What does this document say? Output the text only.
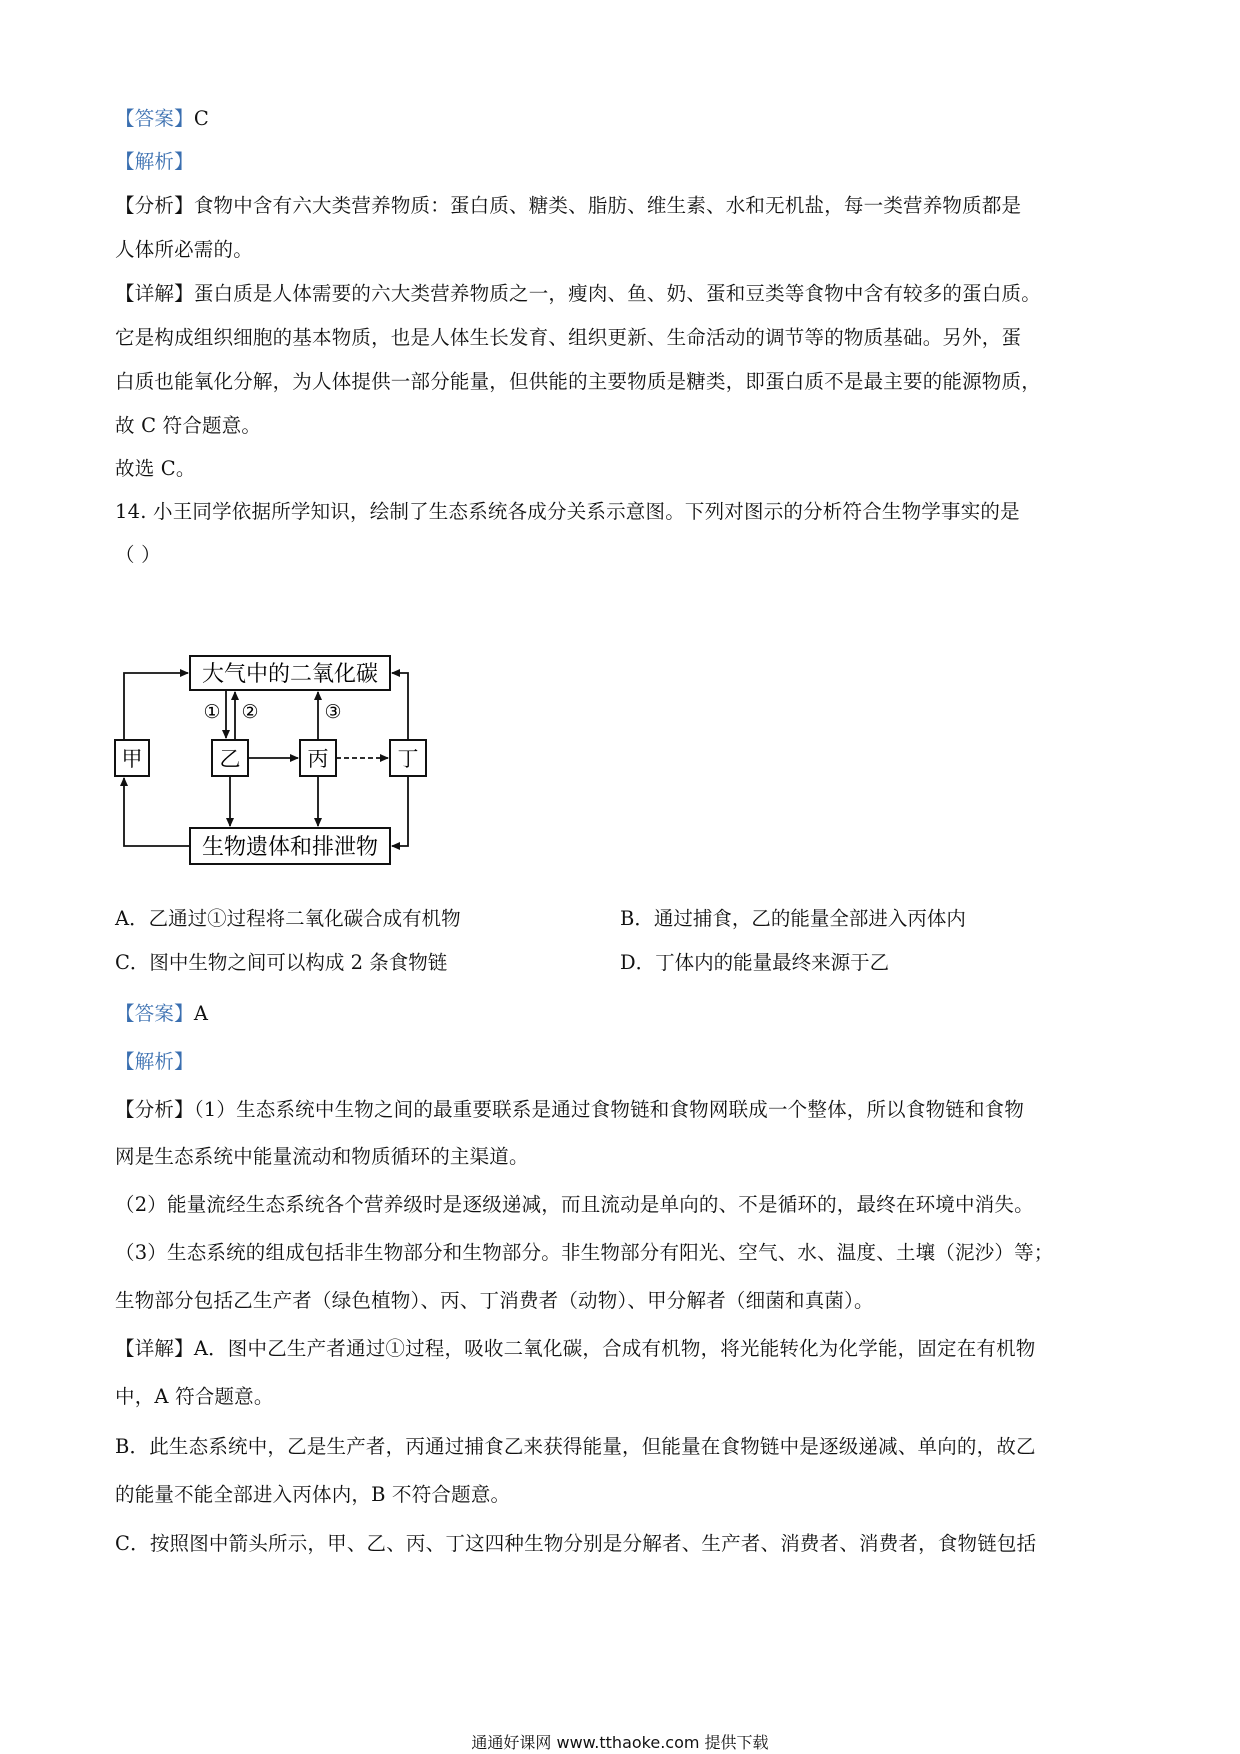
【答案】C
【解析】
【分析】食物中含有六大类营养物质：蛋白质、糖类、脂肪、维生素、水和无机盐，每一类营养物质都是
人体所必需的。
【详解】蛋白质是人体需要的六大类营养物质之一，瘦肉、鱼、奶、蛋和豆类等食物中含有较多的蛋白质。
它是构成组织细胞的基本物质，也是人体生长发育、组织更新、生命活动的调节等的物质基础。另外，蛋
白质也能氧化分解，为人体提供一部分能量，但供能的主要物质是糖类，即蛋白质不是最主要的能源物质，
故 C 符合题意。
故选 C。
14. 小王同学依据所学知识，绘制了生态系统各成分关系示意图。下列对图示的分析符合生物学事实的是
（ ）
大气中的二氧化碳
生物遗体和排泄物
甲	乙	丙	丁
① ②	③
A．乙通过①过程将二氧化碳合成有机物	B．通过捕食，乙的能量全部进入丙体内
C．图中生物之间可以构成 2 条食物链	D．丁体内的能量最终来源于乙
【答案】A
【解析】
【分析】（1）生态系统中生物之间的最重要联系是通过食物链和食物网联成一个整体，所以食物链和食物
网是生态系统中能量流动和物质循环的主渠道。
（2）能量流经生态系统各个营养级时是逐级递减，而且流动是单向的、不是循环的，最终在环境中消失。
（3）生态系统的组成包括非生物部分和生物部分。非生物部分有阳光、空气、水、温度、土壤（泥沙）等；
生物部分包括乙生产者（绿色植物）、丙、丁消费者（动物）、甲分解者（细菌和真菌）。
【详解】A．图中乙生产者通过①过程，吸收二氧化碳，合成有机物，将光能转化为化学能，固定在有机物
中，A 符合题意。
B．此生态系统中，乙是生产者，丙通过捕食乙来获得能量，但能量在食物链中是逐级递减、单向的，故乙
的能量不能全部进入丙体内，B 不符合题意。
C．按照图中箭头所示，甲、乙、丙、丁这四种生物分别是分解者、生产者、消费者、消费者，食物链包括
通通好课网 www.tthaoke.com 提供下载
